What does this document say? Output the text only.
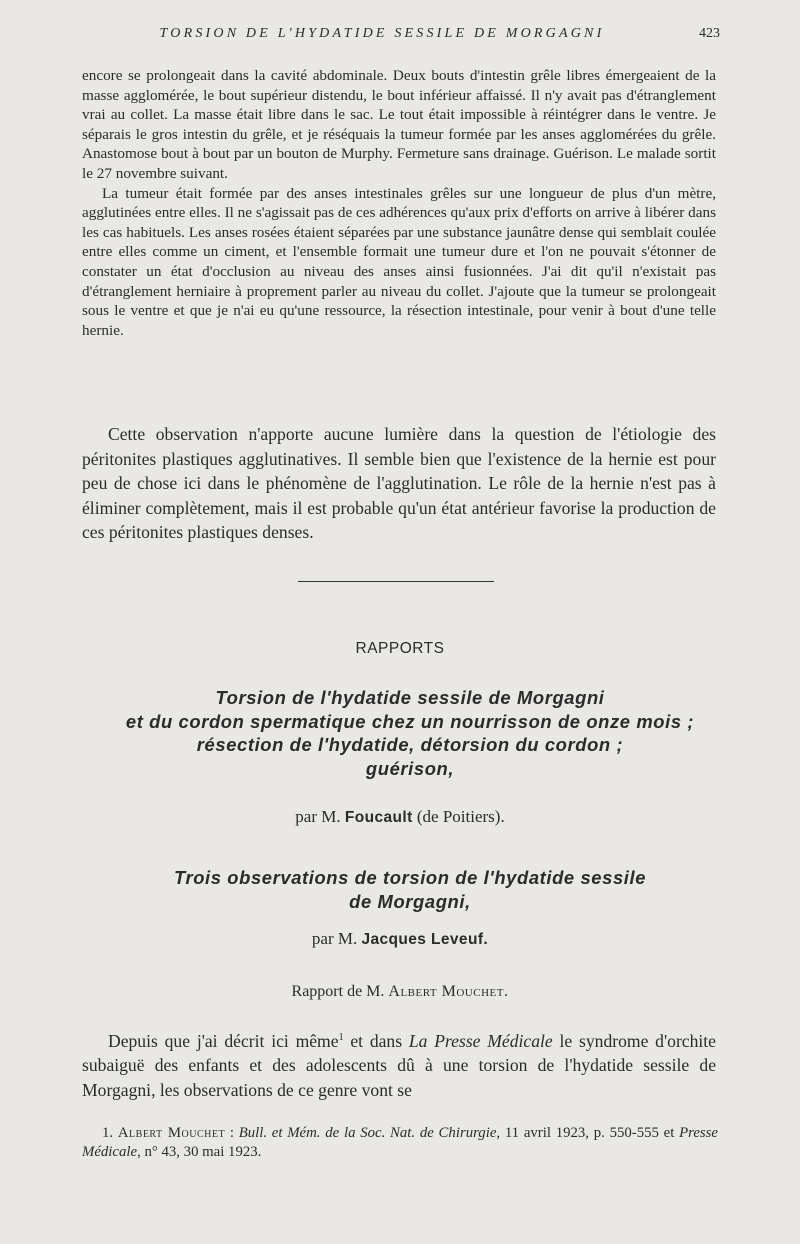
TORSION DE L'HYDATIDE SESSILE DE MORGAGNI	423

encore se prolongeait dans la cavité abdominale. Deux bouts d'intestin grêle libres émergeaient de la masse agglomérée, le bout supérieur distendu, le bout inférieur affaissé. Il n'y avait pas d'étranglement vrai au collet. La masse était libre dans le sac. Le tout était impossible à réintégrer dans le ventre. Je séparais le gros intestin du grêle, et je réséquais la tumeur formée par les anses agglomérées du grêle. Anastomose bout à bout par un bouton de Murphy. Fermeture sans drainage. Guérison. Le malade sortit le 27 novembre suivant.

La tumeur était formée par des anses intestinales grêles sur une longueur de plus d'un mètre, agglutinées entre elles. Il ne s'agissait pas de ces adhérences qu'aux prix d'efforts on arrive à libérer dans les cas habituels. Les anses rosées étaient séparées par une substance jaunâtre dense qui semblait coulée entre elles comme un ciment, et l'ensemble formait une tumeur dure et l'on ne pouvait s'étonner de constater un état d'occlusion au niveau des anses ainsi fusionnées. J'ai dit qu'il n'existait pas d'étranglement herniaire à proprement parler au niveau du collet. J'ajoute que la tumeur se prolongeait sous le ventre et que je n'ai eu qu'une ressource, la résection intestinale, pour venir à bout d'une telle hernie.

Cette observation n'apporte aucune lumière dans la question de l'étiologie des péritonites plastiques agglutinatives. Il semble bien que l'existence de la hernie est pour peu de chose ici dans le phénomène de l'agglutination. Le rôle de la hernie n'est pas à éliminer complètement, mais il est probable qu'un état antérieur favorise la production de ces péritonites plastiques denses.

RAPPORTS
Torsion de l'hydatide sessile de Morgagni
et du cordon spermatique chez un nourrisson de onze mois ;
résection de l'hydatide, détorsion du cordon ;
guérison,
par M. Foucault (de Poitiers).
Trois observations de torsion de l'hydatide sessile
de Morgagni,
par M. Jacques Leveuf.
Rapport de M. Albert Mouchet.

Depuis que j'ai décrit ici même$^1$ et dans La Presse Médicale le syndrome d'orchite subaiguë des enfants et des adolescents dû à une torsion de l'hydatide sessile de Morgagni, les observations de ce genre vont se

1. Albert Mouchet : Bull. et Mém. de la Soc. Nat. de Chirurgie, 11 avril 1923, p. 550-555 et Presse Médicale, n° 43, 30 mai 1923.
